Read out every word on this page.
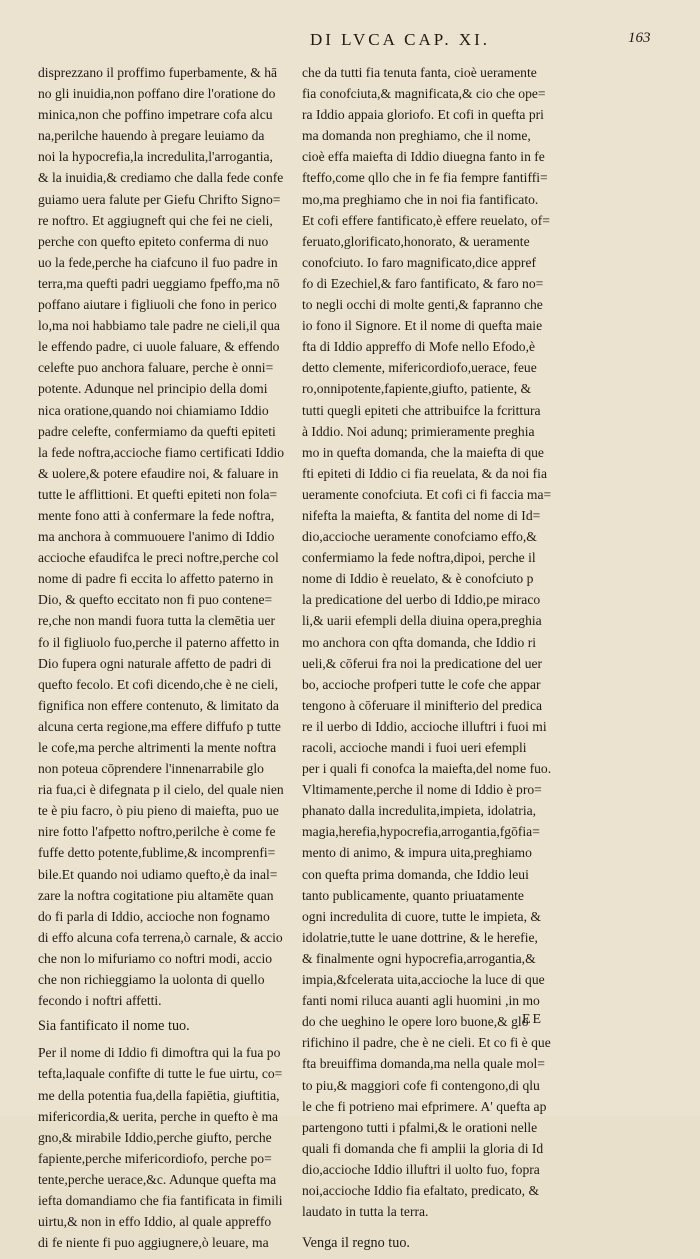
DI LVCA CAP. XI.	163
disprezzano il proffimo fuperbamente, & hā
no gli inuidia,non poffano dire l'oratione do
minica,non che poffino impetrare cofa alcu
na,perilche hauendo à pregare leuiamo da
noi la hypocrefia,la incredulita,l'arrogantia,
& la inuidia,& crediamo che dalla fede confe
guiamo uera falute per Giefu Chrifto Signo=
re noftro. Et aggiugneft qui che fei ne cieli,
perche con quefto epiteto conferma di nuo
uo la fede,perche ha ciafcuno il fuo padre in
terra,ma quefti padri ueggiamo fpeffo,ma nō
poffano aiutare i figliuoli che fono in perico
lo,ma noi habbiamo tale padre ne cieli,il qua
le effendo padre, ci uuole faluare, & effendo
celefte puo anchora faluare, perche è onni=
potente. Adunque nel principio della domi
nica oratione,quando noi chiamiamo Iddio
padre celefte, confermiamo da quefti epiteti
la fede noftra,accioche fiamo certificati Iddio
& uolere,& potere efaudire noi, & faluare in
tutte le afflittioni. Et quefti epiteti non fola=
mente fono atti à confermare la fede noftra,
ma anchora à commuouere l'animo di Iddio
accioche efaudifca le preci noftre,perche col
nome di padre fi eccita lo affetto paterno in
Dio, & quefto eccitato non fi puo contene=
re,che non mandi fuora tutta la clemētia uer
fo il figliuolo fuo,perche il paterno affetto in
Dio fupera ogni naturale affetto de padri di
quefto fecolo. Et cofi dicendo,che è ne cieli,
fignifica non effere contenuto, & limitato da
alcuna certa regione,ma effere diffufo p tutte
le cofe,ma perche altrimenti la mente noftra
non poteua cōprendere l'innenarrabile glo
ria fua,ci è difegnata p il cielo, del quale nien
te è piu facro, ò piu pieno di maiefta, puo ue
nire fotto l'afpetto noftro,perilche è come fe
fuffe detto potente,fublime,& incomprenfi=
bile.Et quando noi udiamo quefto,è da inal=
zare la noftra cogitatione piu altamēte quan
do fi parla di Iddio, accioche non fognamo
di effo alcuna cofa terrena,ò carnale, & accio
che non lo mifuriamo co noftri modi, accio
che non richieggiamo la uolonta di quello
fecondo i noftri affetti.
Sia fantificato il nome tuo.
Per il nome di Iddio fi dimoftra qui la fua po
tefta,laquale confifte di tutte le fue uirtu, co=
me della potentia fua,della fapiētia, giuftitia,
mifericordia,& uerita, perche in quefto è ma
gno,& mirabile Iddio,perche giufto, perche
fapiente,perche mifericordiofo, perche po=
tente,perche uerace,&c. Adunque quefta ma
iefta domandiamo che fia fantificata in fimili
uirtu,& non in effo Iddio, al quale appreffo
di fe niente fi puo aggiugnere,ò leuare, ma
che da tutti fia tenuta fanta, cioè ueramente
fia conofciuta,& magnificata,& cio che ope=
ra Iddio appaia gloriofo. Et cofi in quefta pri
ma domanda non preghiamo, che il nome,
cioè effa maiefta di Iddio diuegna fanto in fe
fteffo,come qllo che in fe fia fempre fantiffi=
mo,ma preghiamo che in noi fia fantificato.
Et cofi effere fantificato,è effere reuelato, of=
feruato,glorificato,honorato, & ueramente
conofciuto. Io faro magnificato,dice appref
fo di Ezechiel,& faro fantificato, & faro no=
to negli occhi di molte genti,& fapranno che
io fono il Signore. Et il nome di quefta maie
fta di Iddio appreffo di Mofe nello Efodo,è
detto clemente, mifericordiofo,uerace, feue
ro,onnipotente,fapiente,giufto, patiente, &
tutti quegli epiteti che attribuifce la fcrittura
à Iddio. Noi adunq; primieramente preghia
mo in quefta domanda, che la maiefta di que
fti epiteti di Iddio ci fia reuelata, & da noi fia
ueramente conofciuta. Et cofi ci fi faccia ma=
nifefta la maiefta, & fantita del nome di Id=
dio,accioche ueramente conofciamo effo,&
confermiamo la fede noftra,dipoi, perche il
nome di Iddio è reuelato, & è conofciuto p
la predicatione del uerbo di Iddio,pe miraco
li,& uarii efempli della diuina opera,preghia
mo anchora con qfta domanda, che Iddio ri
ueli,& cōferui fra noi la predicatione del uer
bo, accioche profperi tutte le cofe che appar
tengono à cōferuare il minifterio del predica
re il uerbo di Iddio, accioche illuftri i fuoi mi
racoli, accioche mandi i fuoi ueri efempli
per i quali fi conofca la maiefta,del nome fuo.
Vltimamente,perche il nome di Iddio è pro=
phanato dalla incredulita,impieta, idolatria,
magia,herefia,hypocrefia,arrogantia,fgōfia=
mento di animo, & impura uita,preghiamo
con quefta prima domanda, che Iddio leui
tanto publicamente, quanto priuatamente
ogni incredulita di cuore, tutte le impieta, &
idolatrie,tutte le uane dottrine, & le herefie,
& finalmente ogni hypocrefia,arrogantia,&
impia,&fcelerata uita,accioche la luce di que
fanti nomi riluca auanti agli huomini ,in mo
do che ueghino le opere loro buone,& glo
rifichino il padre, che è ne cieli. Et co fi è que
fta breuiffima domanda,ma nella quale mol=
to piu,& maggiori cofe fi contengono,di qlu
le che fi potrieno mai efprimere. A' quefta ap
partengono tutti i pfalmi,& le orationi nelle
quali fi domanda che fi amplii la gloria di Id
dio,accioche Iddio illuftri il uolto fuo, fopra
noi,accioche Iddio fia efaltato, predicato, &
laudato in tutta la terra.
Venga il regno tuo.
EE
